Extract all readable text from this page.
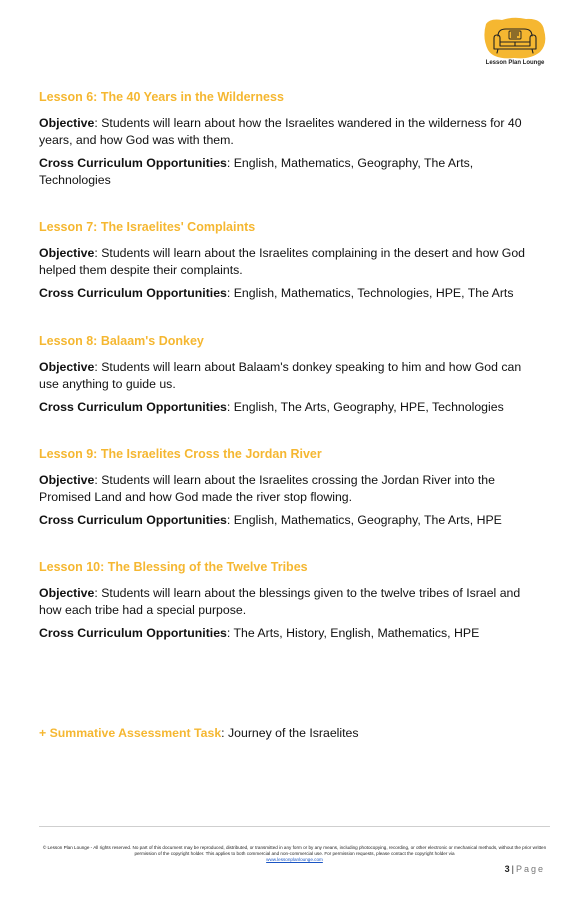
Lesson Plan Lounge
Lesson 6: The 40 Years in the Wilderness
Objective: Students will learn about how the Israelites wandered in the wilderness for 40 years, and how God was with them.
Cross Curriculum Opportunities: English, Mathematics, Geography, The Arts, Technologies
Lesson 7: The Israelites' Complaints
Objective: Students will learn about the Israelites complaining in the desert and how God helped them despite their complaints.
Cross Curriculum Opportunities: English, Mathematics, Technologies, HPE, The Arts
Lesson 8: Balaam's Donkey
Objective: Students will learn about Balaam's donkey speaking to him and how God can use anything to guide us.
Cross Curriculum Opportunities: English, The Arts, Geography, HPE, Technologies
Lesson 9: The Israelites Cross the Jordan River
Objective: Students will learn about the Israelites crossing the Jordan River into the Promised Land and how God made the river stop flowing.
Cross Curriculum Opportunities: English, Mathematics, Geography, The Arts, HPE
Lesson 10: The Blessing of the Twelve Tribes
Objective: Students will learn about the blessings given to the twelve tribes of Israel and how each tribe had a special purpose.
Cross Curriculum Opportunities: The Arts, History, English, Mathematics, HPE
+ Summative Assessment Task: Journey of the Israelites
© Lesson Plan Lounge - All rights reserved. No part of this document may be reproduced, distributed, or transmitted in any form or by any means, including photocopying, recording, or other electronic or mechanical methods, without the prior written permission of the copyright holder. This applies to both commercial and non-commercial use. For permission requests, please contact the copyright holder via
www.lessonplanlounge.com
3 | Page
